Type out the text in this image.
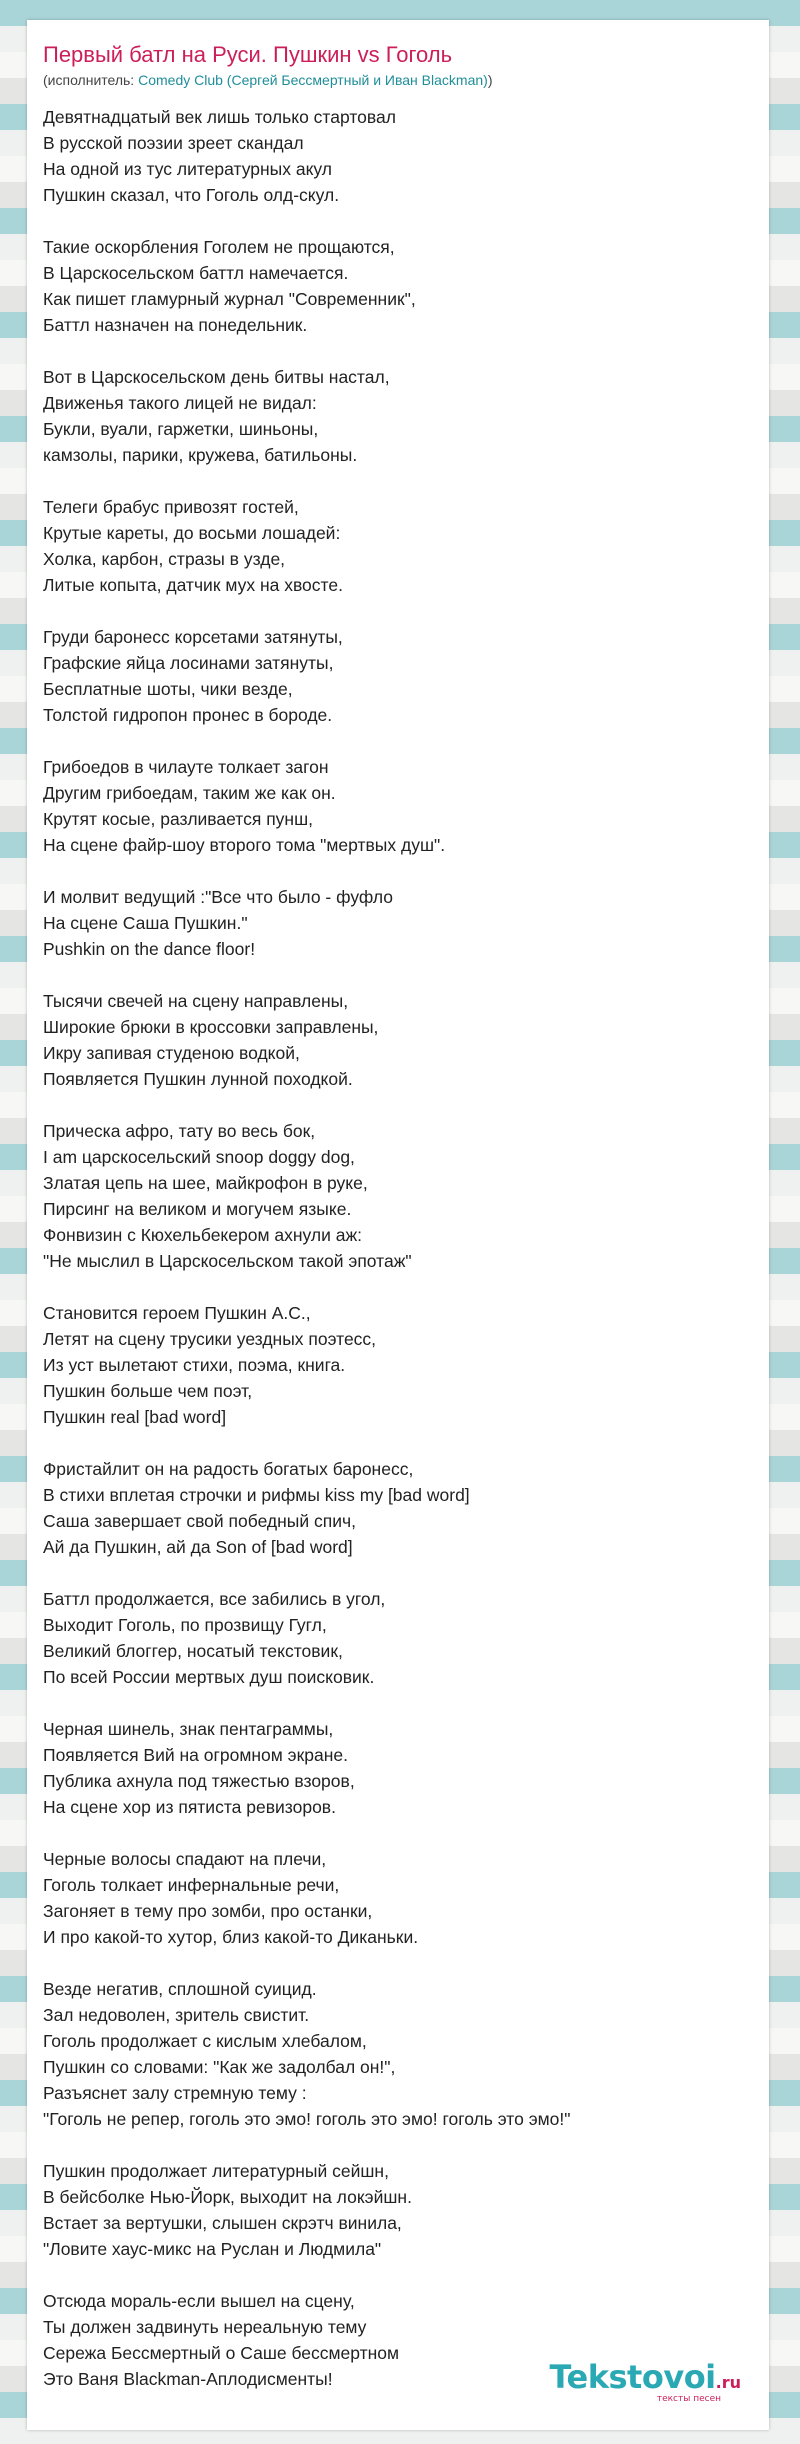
Первый батл на Руси. Пушкин vs Гоголь
(исполнитель: Comedy Club (Сергей Бессмертный и Иван Blackman))
Девятнадцатый век лишь только стартовал
В русской поэзии зреет скандал
На одной из тус литературных акул
Пушкин сказал, что Гоголь олд-скул.
Такие оскорбления Гоголем не прощаются,
В Царскосельском баттл намечается.
Как пишет гламурный журнал "Современник",
Баттл назначен на понедельник.
Вот в Царскосельском день битвы настал,
Движенья такого лицей не видал:
Букли, вуали, гаржетки, шиньоны,
камзолы, парики, кружева, батильоны.
Телеги брабус привозят гостей,
Крутые кареты, до восьми лошадей:
Холка, карбон, стразы в узде,
Литые копыта, датчик мух на хвосте.
Груди баронесс корсетами затянуты,
Графские яйца лосинами затянуты,
Бесплатные шоты, чики везде,
Толстой гидропон пронес в бороде.
Грибоедов в чилауте толкает загон
Другим грибоедам, таким же как он.
Крутят косые, разливается пунш,
На сцене файр-шоу второго тома "мертвых душ".
И молвит ведущий :"Все что было - фуфло
На сцене Саша Пушкин."
Pushkin on the dance floor!
Тысячи свечей на сцену направлены,
Широкие брюки в кроссовки заправлены,
Икру запивая студеною водкой,
Появляется Пушкин лунной походкой.
Прическа афро, тату во весь бок,
I am царскосельский snoop doggy dog,
Златая цепь на шее, майкрофон в руке,
Пирсинг на великом и могучем языке.
Фонвизин с Кюхельбекером ахнули аж:
"Не мыслил в Царскосельском такой эпотаж"
Становится героем Пушкин А.С.,
Летят на сцену трусики уездных поэтесс,
Из уст вылетают стихи, поэма, книга.
Пушкин больше чем поэт,
Пушкин real [bad word]
Фристайлит он на радость богатых баронесс,
В стихи вплетая строчки и рифмы kiss my [bad word]
Саша завершает свой победный спич,
Ай да Пушкин, ай да Son of [bad word]
Баттл продолжается, все забились в угол,
Выходит Гоголь, по прозвищу Гугл,
Великий блоггер, носатый текстовик,
По всей России мертвых душ поисковик.
Черная шинель, знак пентаграммы,
Появляется Вий на огромном экране.
Публика ахнула под тяжестью взоров,
На сцене хор из пятиста ревизоров.
Черные волосы спадают на плечи,
Гоголь толкает инфернальные речи,
Загоняет в тему про зомби, про останки,
И про какой-то хутор, близ какой-то Диканьки.
Везде негатив, сплошной суицид.
Зал недоволен, зритель свистит.
Гоголь продолжает с кислым хлебалом,
Пушкин со словами: "Как же задолбал он!",
Разъяснет залу стремную тему :
"Гоголь не репер, гоголь это эмо! гоголь это эмо! гоголь это эмо!"
Пушкин продолжает литературный сейшн,
В бейсболке Нью-Йорк, выходит на локэйшн.
Встает за вертушки, слышен скрэтч винила,
"Ловите хаус-микс на Руслан и Людмила"
Отсюда мораль-если вышел на сцену,
Ты должен задвинуть нереальную тему
Сережа Бессмертный о Саше бессмертном
Это Ваня Blackman-Аплодисменты!	Tekstovoi.ru
тексты песен
